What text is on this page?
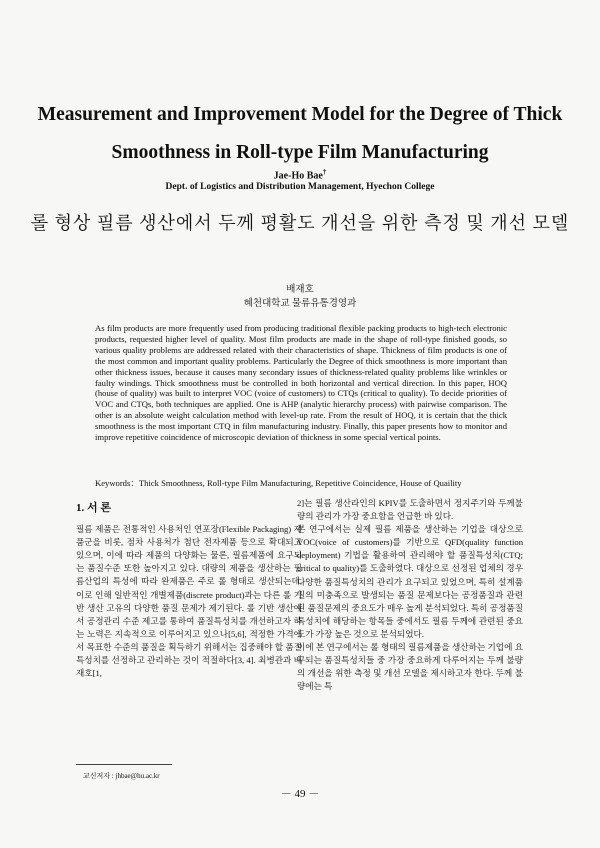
Measurement and Improvement Model for the Degree of Thick Smoothness in Roll-type Film Manufacturing
Jae-Ho Bae†
Dept. of Logistics and Distribution Management, Hyechon College
롤 형상 필름 생산에서 두께 평활도 개선을 위한 측정 및 개선 모델
배재호
혜천대학교 물류유통경영과

As film products are more frequently used from producing traditional flexible packing products to high-tech electronic products, requested higher level of quality. Most film products are made in the shape of roll-type finished goods, so various quality problems are addressed related with their characteristics of shape. Thickness of film products is one of the most common and important quality problems. Particularly the Degree of thick smoothness is more important than other thickness issues, because it causes many secondary issues of thickness-related quality problems like wrinkles or faulty windings. Thick smoothness must be controlled in both horizontal and vertical direction. In this paper, HOQ (house of quality) was built to interpret VOC (voice of customers) to CTQs (critical to quality). To decide priorities of VOC and CTQs, both techniques are applied. One is AHP (analytic hierarchy process) with pairwise comparison. The other is an absolute weight calculation method with level-up rate. From the result of HOQ, it is certain that the thick smoothness is the most important CTQ in film manufacturing industry. Finally, this paper presents how to monitor and improve repetitive coincidence of microscopic deviation of thickness in some special vertical points.

Keywords：Thick Smoothness, Roll-type Film Manufacturing, Repetitive Coincidence, House of Quaility

1. 서 론

필름 제품은 전통적인 사용처인 연포장(Flexible Packaging) 제품군을 비롯, 점차 사용처가 첨단 전자제품 등으로 확대되고 있으며, 이에 따라 제품의 다양화는 물론, 필름제품에 요구되는 품질수준 또한 높아지고 있다. 대량의 제품을 생산하는 필름산업의 특성에 따라 완제품은 주로 롤 형태로 생산되는데, 이로 인해 일반적인 개별제품(discrete product)과는 다른 롤 기반 생산 고유의 다양한 품질 문제가 제기된다. 롤 기반 생산에서 공정관리 수준 제고를 통하여 품질특성치를 개선하고자 하는 노력은 지속적으로 이루어지고 있으나[5,6], 적정한 가격에서 목표한 수준의 품질을 획득하기 위해서는 집중해야 할 품질특성치를 선정하고 관리하는 것이 적절하다[3, 4]. 최병관과 배재호[1,

2]는 필름 생산라인의 KPIV를 도출하면서 정지주기와 두께불량의 관리가 가장 중요함을 언급한 바 있다.

본 연구에서는 실제 필름 제품을 생산하는 기업을 대상으로 VOC(voice of customers)를 기반으로 QFD(quality function deployment) 기법을 활용하여 관리해야 할 품질특성치(CTQ; critical to quality)를 도출하였다. 대상으로 선정된 업체의 경우 다양한 품질특성치의 관리가 요구되고 있었으며, 특히 설계품질의 미충족으로 발생되는 품질 문제보다는 공정품질과 관련된 품질문제의 중요도가 매우 높게 분석되었다. 특히 공정품질특성치에 해당하는 항목들 중에서도 필름 두께에 관련된 중요도가 가장 높은 것으로 분석되었다.

이에 본 연구에서는 롤 형태의 필름제품을 생산하는 기업에 요구되는 품질특성치들 중 가장 중요하게 다루어지는 두께 불량의 개선을 위한 측정 및 개선 모델을 제시하고자 한다. 두께 불량에는 특

교신저자 : jhbae@hu.ac.kr
－ 49 －
